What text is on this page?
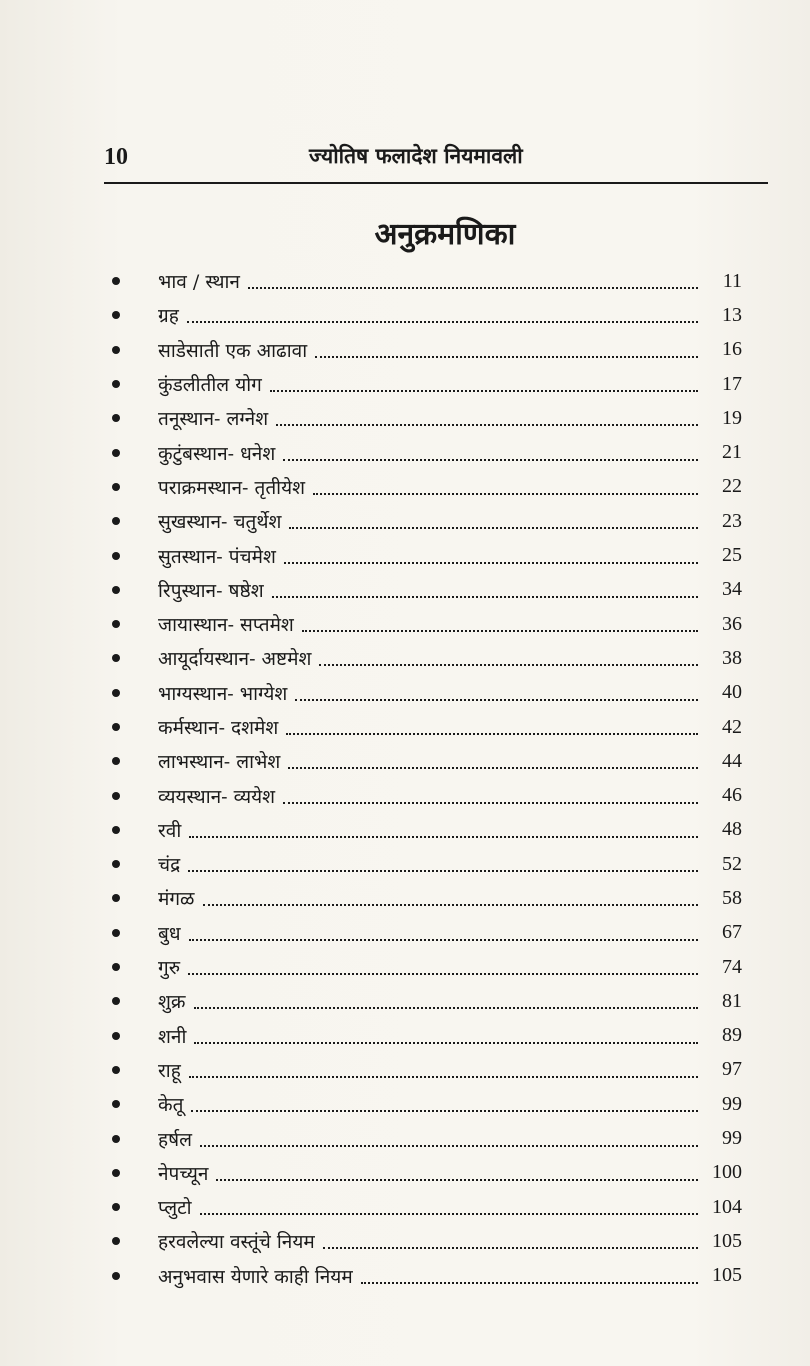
10	ज्योतिष फलादेश नियमावली
अनुक्रमणिका
भाव / स्थान	11
ग्रह	13
साडेसाती एक आढावा	16
कुंडलीतील योग	17
तनूस्थान- लग्नेश	19
कुटुंबस्थान- धनेश	21
पराक्रमस्थान- तृतीयेश	22
सुखस्थान- चतुर्थेश	23
सुतस्थान- पंचमेश	25
रिपुस्थान- षष्ठेश	34
जायास्थान- सप्तमेश	36
आयूर्दायस्थान- अष्टमेश	38
भाग्यस्थान- भाग्येश	40
कर्मस्थान- दशमेश	42
लाभस्थान- लाभेश	44
व्ययस्थान- व्ययेश	46
रवी	48
चंद्र	52
मंगळ	58
बुध	67
गुरु	74
शुक्र	81
शनी	89
राहू	97
केतू	99
हर्षल	99
नेपच्यून	100
प्लुटो	104
हरवलेल्या वस्तूंचे नियम	105
अनुभवास येणारे काही नियम	105
